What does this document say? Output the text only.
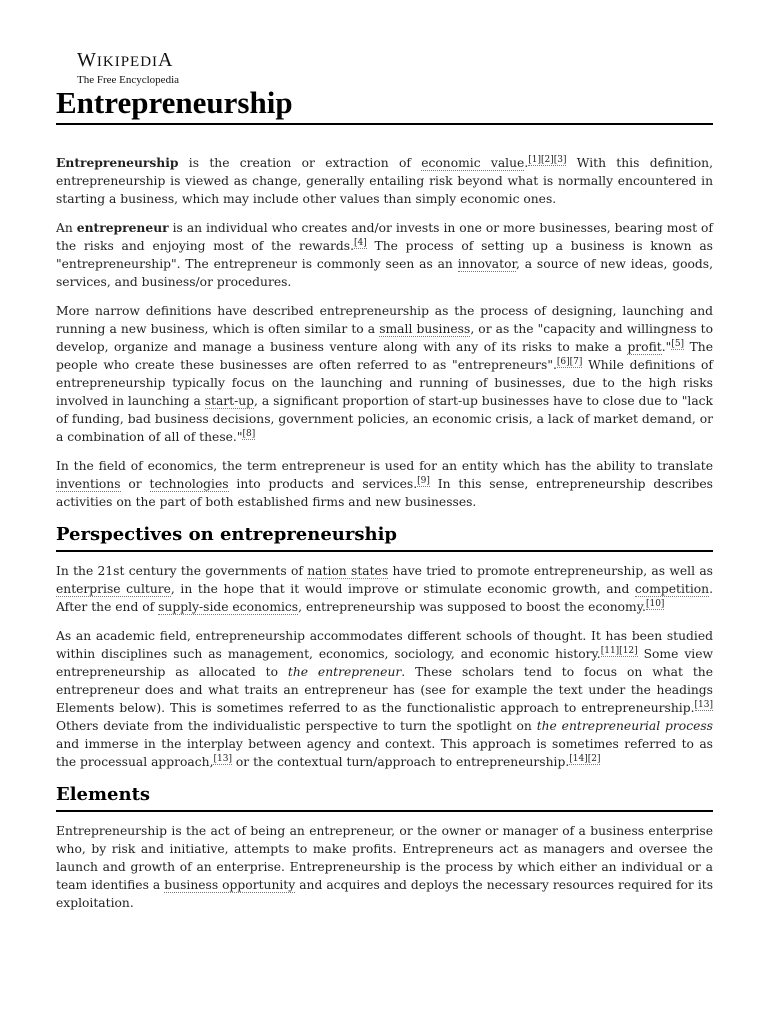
WIKIPEDIA
The Free Encyclopedia
Entrepreneurship

Entrepreneurship is the creation or extraction of economic value.[1][2][3] With this definition, entrepreneurship is viewed as change, generally entailing risk beyond what is normally encountered in starting a business, which may include other values than simply economic ones.

An entrepreneur is an individual who creates and/or invests in one or more businesses, bearing most of the risks and enjoying most of the rewards.[4] The process of setting up a business is known as "entrepreneurship". The entrepreneur is commonly seen as an innovator, a source of new ideas, goods, services, and business/or procedures.

More narrow definitions have described entrepreneurship as the process of designing, launching and running a new business, which is often similar to a small business, or as the "capacity and willingness to develop, organize and manage a business venture along with any of its risks to make a profit."[5] The people who create these businesses are often referred to as "entrepreneurs".[6][7] While definitions of entrepreneurship typically focus on the launching and running of businesses, due to the high risks involved in launching a start-up, a significant proportion of start-up businesses have to close due to "lack of funding, bad business decisions, government policies, an economic crisis, a lack of market demand, or a combination of all of these."[8]

In the field of economics, the term entrepreneur is used for an entity which has the ability to translate inventions or technologies into products and services.[9] In this sense, entrepreneurship describes activities on the part of both established firms and new businesses.

Perspectives on entrepreneurship

In the 21st century the governments of nation states have tried to promote entrepreneurship, as well as enterprise culture, in the hope that it would improve or stimulate economic growth, and competition. After the end of supply-side economics, entrepreneurship was supposed to boost the economy.[10]

As an academic field, entrepreneurship accommodates different schools of thought. It has been studied within disciplines such as management, economics, sociology, and economic history.[11][12] Some view entrepreneurship as allocated to the entrepreneur. These scholars tend to focus on what the entrepreneur does and what traits an entrepreneur has (see for example the text under the headings Elements below). This is sometimes referred to as the functionalistic approach to entrepreneurship.[13] Others deviate from the individualistic perspective to turn the spotlight on the entrepreneurial process and immerse in the interplay between agency and context. This approach is sometimes referred to as the processual approach,[13] or the contextual turn/approach to entrepreneurship.[14][2]

Elements

Entrepreneurship is the act of being an entrepreneur, or the owner or manager of a business enterprise who, by risk and initiative, attempts to make profits. Entrepreneurs act as managers and oversee the launch and growth of an enterprise. Entrepreneurship is the process by which either an individual or a team identifies a business opportunity and acquires and deploys the necessary resources required for its exploitation.
